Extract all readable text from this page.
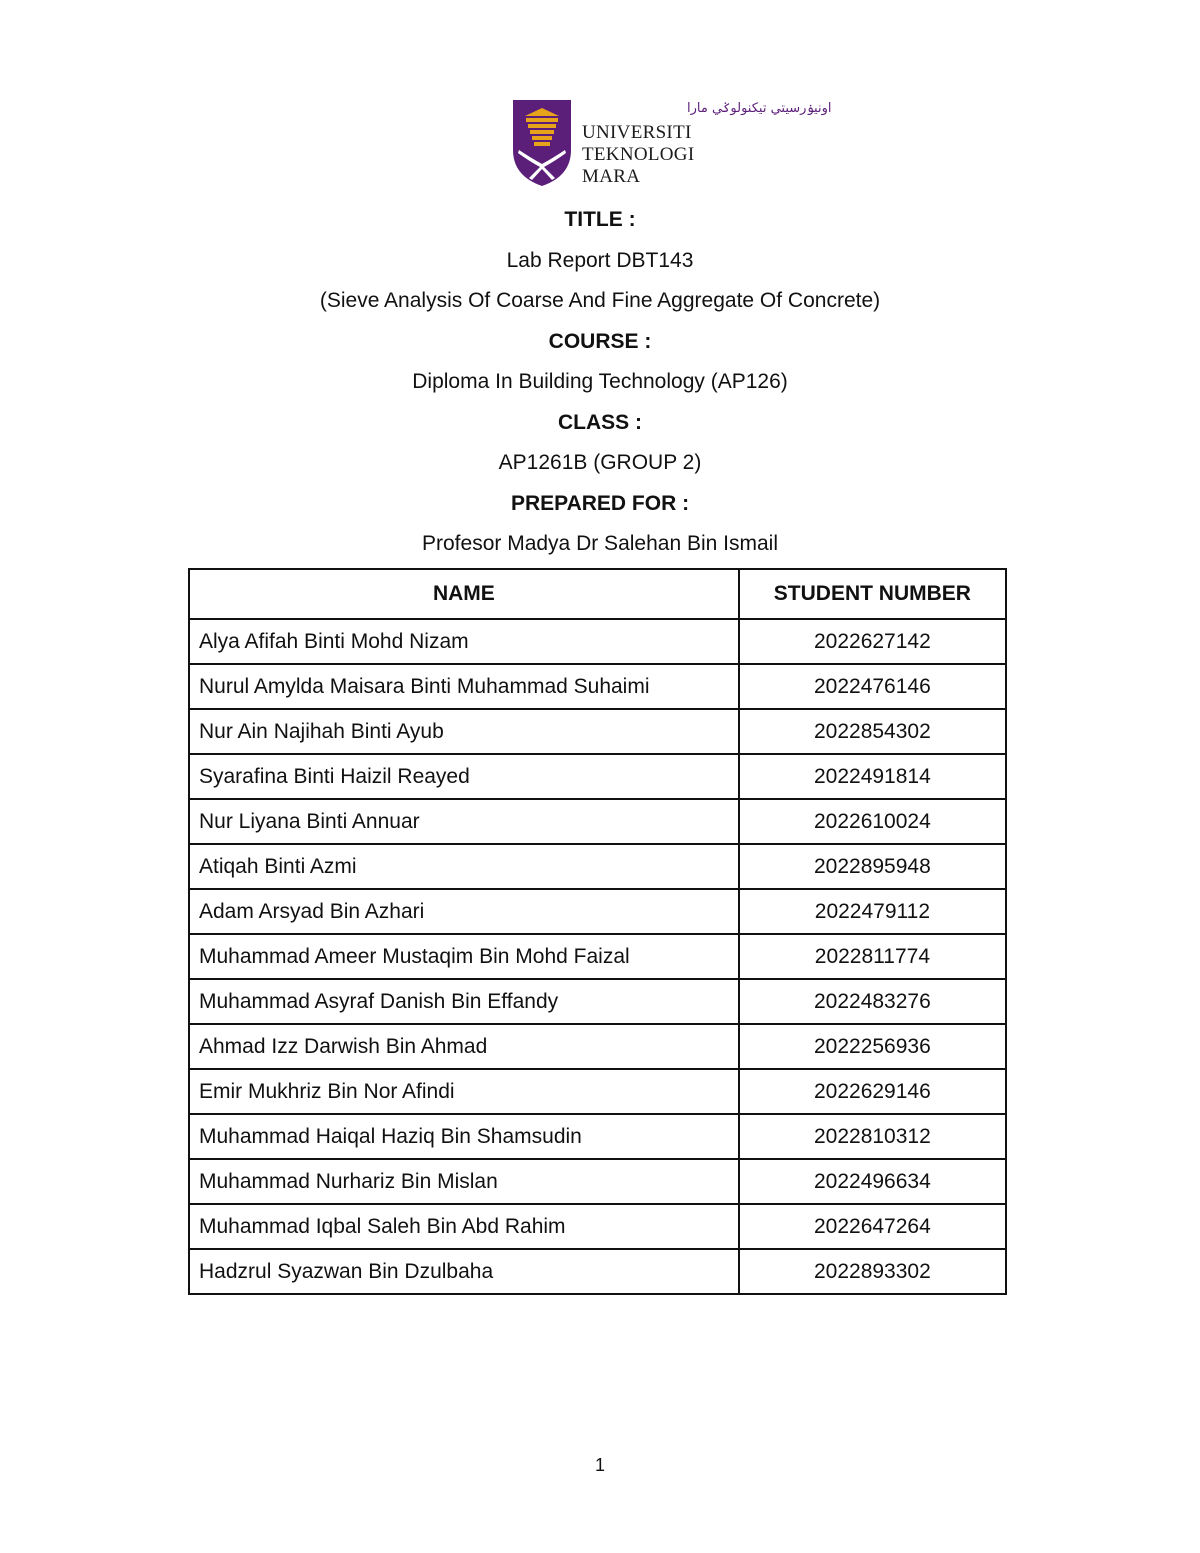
اونيۏرسيتي تيكنولوݢي مارا
UNIVERSITI
TEKNOLOGI
MARA
TITLE :
Lab Report DBT143
(Sieve Analysis Of Coarse And Fine Aggregate Of Concrete)
COURSE :
Diploma In Building Technology (AP126)
CLASS :
AP1261B (GROUP 2)
PREPARED FOR :
Profesor Madya Dr Salehan Bin Ismail
NAME	STUDENT NUMBER
Alya Afifah Binti Mohd Nizam	2022627142
Nurul Amylda Maisara Binti Muhammad Suhaimi	2022476146
Nur Ain Najihah Binti Ayub	2022854302
Syarafina Binti Haizil Reayed	2022491814
Nur Liyana Binti Annuar	2022610024
Atiqah Binti Azmi	2022895948
Adam Arsyad Bin Azhari	2022479112
Muhammad Ameer Mustaqim Bin Mohd Faizal	2022811774
Muhammad Asyraf Danish Bin Effandy	2022483276
Ahmad Izz Darwish Bin Ahmad	2022256936
Emir Mukhriz Bin Nor Afindi	2022629146
Muhammad Haiqal Haziq Bin Shamsudin	2022810312
Muhammad Nurhariz Bin Mislan	2022496634
Muhammad Iqbal Saleh Bin Abd Rahim	2022647264
Hadzrul Syazwan Bin Dzulbaha	2022893302
1
